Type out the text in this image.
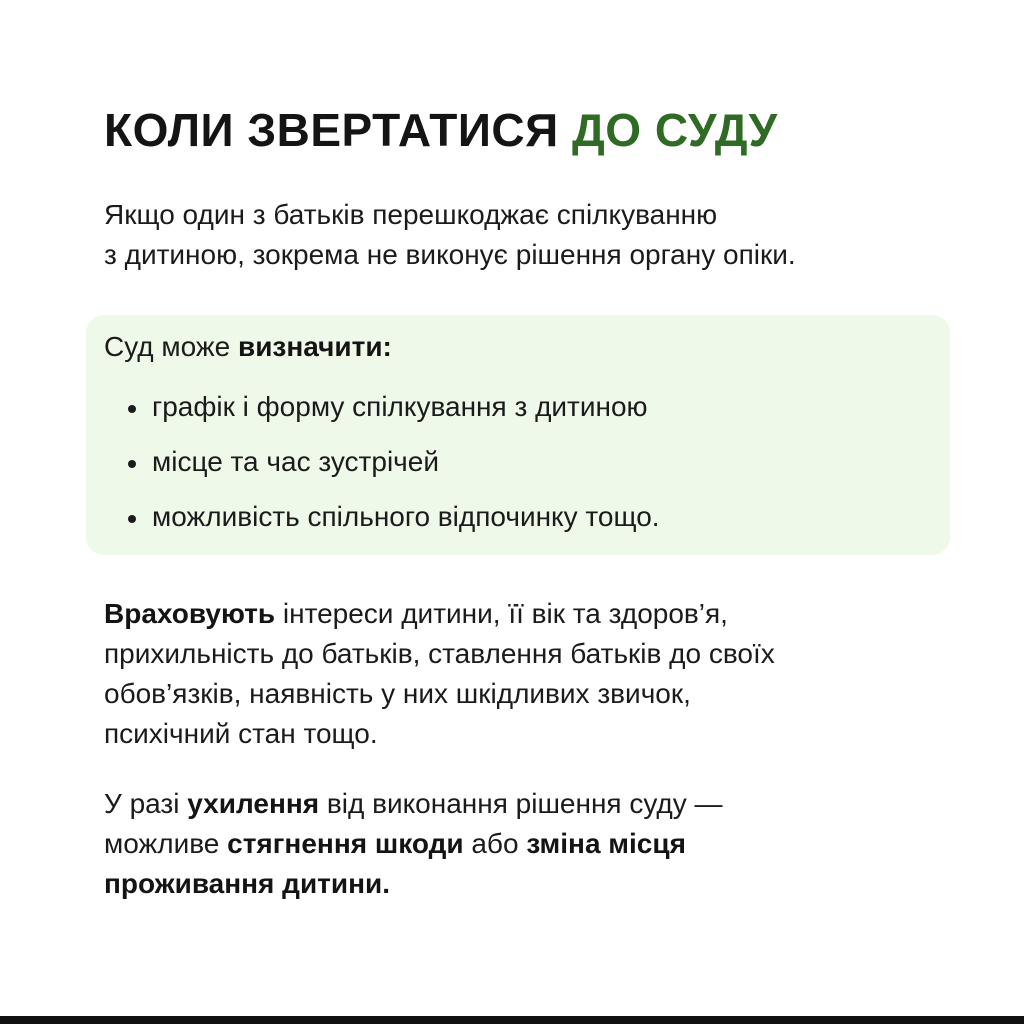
КОЛИ ЗВЕРТАТИСЯ ДО СУДУ

Якщо один з батьків перешкоджає спілкуванню
з дитиною, зокрема не виконує рішення органу опіки.

Суд може визначити:

графік і форму спілкування з дитиною
місце та час зустрічей
можливість спільного відпочинку тощо.

Враховують інтереси дитини, її вік та здоров’я,
прихильність до батьків, ставлення батьків до своїх
обов’язків, наявність у них шкідливих звичок,
психічний стан тощо.

У разі ухилення від виконання рішення суду —
можливе стягнення шкоди або зміна місця
проживання дитини.
